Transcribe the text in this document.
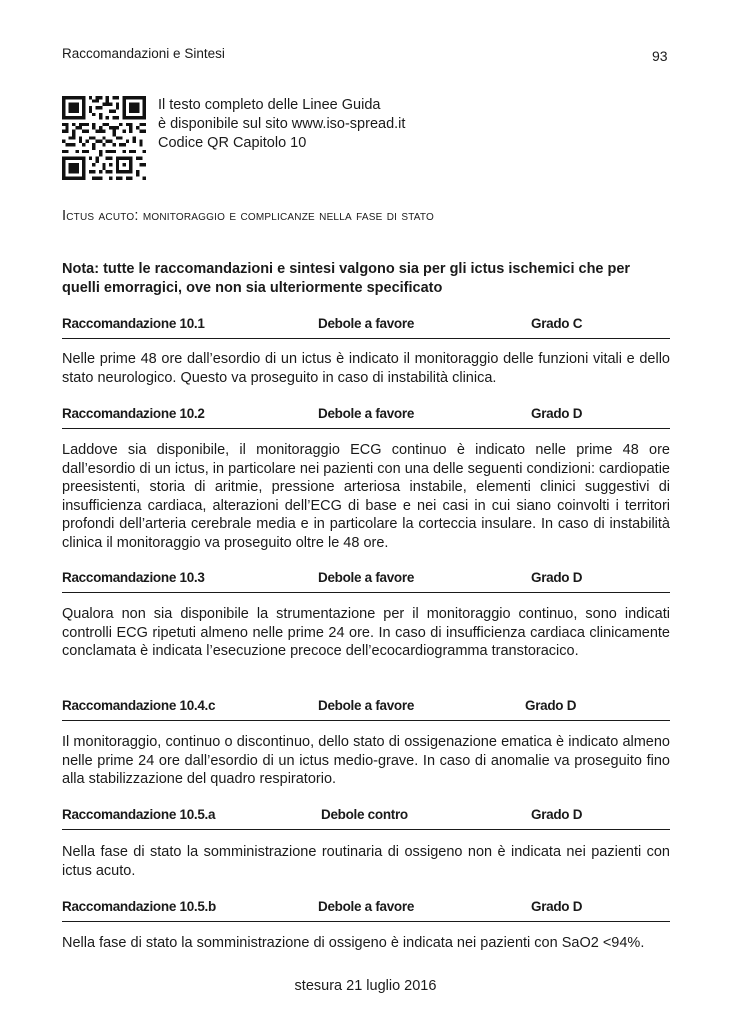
Raccomandazioni e Sintesi	93
Il testo completo delle Linee Guida
è disponibile sul sito www.iso-spread.it
Codice QR Capitolo 10
Ictus acuto: monitoraggio e complicanze nella fase di stato
Nota: tutte le raccomandazioni e sintesi valgono sia per gli ictus ischemici che per quelli emorragici, ove non sia ulteriormente specificato
Raccomandazione 10.1	Debole a favore	Grado C
Nelle prime 48 ore dall’esordio di un ictus è indicato il monitoraggio delle funzioni vitali e dello stato neurologico. Questo va proseguito in caso di instabilità clinica.
Raccomandazione 10.2	Debole a favore	Grado D
Laddove sia disponibile, il monitoraggio ECG continuo è indicato nelle prime 48 ore dall’esordio di un ictus, in particolare nei pazienti con una delle seguenti condizioni: cardiopatie preesistenti, storia di aritmie, pressione arteriosa instabile, elementi clinici suggestivi di insufficienza cardiaca, alterazioni dell’ECG di base e nei casi in cui siano coinvolti i territori profondi dell’arteria cerebrale media e in particolare la corteccia insulare. In caso di instabilità clinica il monitoraggio va proseguito oltre le 48 ore.
Raccomandazione 10.3	Debole a favore	Grado D
Qualora non sia disponibile la strumentazione per il monitoraggio continuo, sono indicati controlli ECG ripetuti almeno nelle prime 24 ore. In caso di insufficienza cardiaca clinicamente conclamata è indicata l’esecuzione precoce dell’ecocardiogramma transtoracico.
Raccomandazione 10.4.c	Debole a favore	Grado D
Il monitoraggio, continuo o discontinuo, dello stato di ossigenazione ematica è indicato almeno nelle prime 24 ore dall’esordio di un ictus medio-grave. In caso di anomalie va proseguito fino alla stabilizzazione del quadro respiratorio.
Raccomandazione 10.5.a	Debole contro	Grado D
Nella fase di stato la somministrazione routinaria di ossigeno non è indicata nei pazienti con ictus acuto.
Raccomandazione 10.5.b	Debole a favore	Grado D
Nella fase di stato la somministrazione di ossigeno è indicata nei pazienti con SaO2 <94%.
stesura 21 luglio 2016
